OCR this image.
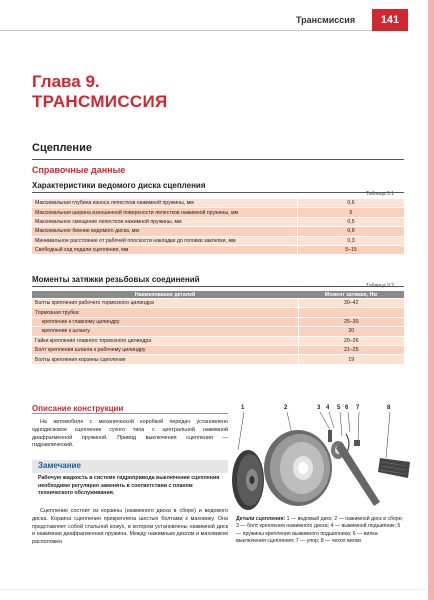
Трансмиссия	141
Глава 9.
ТРАНСМИССИЯ
Сцепление
Справочные данные
Характеристики ведомого диска сцепления
Таблица 9.1
Максимальная глубина износа лепестков нажимной пружины, мм	0,6
Максимальная ширина изношенной поверхности лепестков нажимной пружины, мм	5
Максимальное смещение лепестков нажимной пружины, мм	0,5
Максимальное биение ведомого диска, мм	0,8
Минимальное расстояние от рабочей плоскости накладки до головки заклепки, мм	0,3
Свободный ход педали сцепления, мм	5–15
Моменты затяжки резьбовых соединений
Таблица 9.2
Наименование деталей	Момент затяжки, Нм
Болты крепления рабочего тормозного цилиндра	30–42
Тормозная трубка:	
крепление к главному цилиндру	25–30
крепление к шлангу	20
Гайки крепления главного тормозного цилиндра	20–26
Болт крепления шланга к рабочему цилиндру	21–25
Болты крепления корзины сцепления	19
Описание конструкции
На автомобиле с механической коробкой передач установлено однодисковое сцепление сухого типа с центральной нажимной диафрагменной пружиной. Привод выключения сцепления — гидравлический.
Замечание
Рабочую жидкость в системе гидропривода выключения сцепления необходимо регулярно заменять в соответствии с планом технического обслуживания.
Сцепление состоит из корзины (нажимного диска в сборе) и ведомого диска. Корзина сцепления прикреплена шестью болтами к маховику. Она представляет собой стальной кожух, в котором установлены нажимной диск и нажимная диафрагменная пружина. Между нажимным диском и маховиком расположен
1	2	3 4 5 6 7	8
Детали сцепления: 1 — ведомый диск; 2 — нажимной диск в сборе; 3 — болт крепления нажимного диска; 4 — выжимной подшипник; 5 — пружины крепления выжимного подшипника; 6 — вилка выключения сцепления; 7 — упор; 8 — чехол вилки
